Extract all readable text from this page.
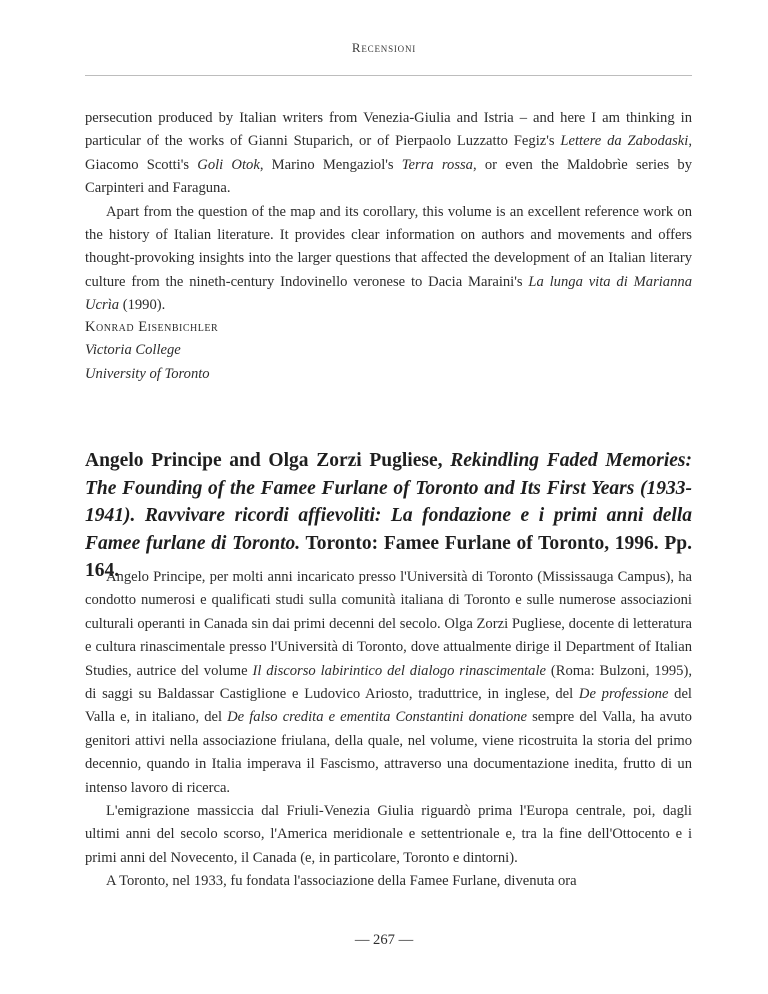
Recensioni

persecution produced by Italian writers from Venezia-Giulia and Istria – and here I am thinking in particular of the works of Gianni Stuparich, or of Pierpaolo Luzzatto Fegiz's Lettere da Zabodaski, Giacomo Scotti's Goli Otok, Marino Mengaziol's Terra rossa, or even the Maldobrìe series by Carpinteri and Faraguna.

Apart from the question of the map and its corollary, this volume is an excellent reference work on the history of Italian literature. It provides clear information on authors and movements and offers thought-provoking insights into the larger questions that affected the development of an Italian literary culture from the nineth-century Indovinello veronese to Dacia Maraini's La lunga vita di Marianna Ucrìa (1990).

Konrad Eisenbichler
Victoria College
University of Toronto
Angelo Principe and Olga Zorzi Pugliese, Rekindling Faded Memories: The Founding of the Famee Furlane of Toronto and Its First Years (1933-1941). Ravvivare ricordi affievoliti: La fondazione e i primi anni della Famee furlane di Toronto. Toronto: Famee Furlane of Toronto, 1996. Pp. 164.

Angelo Principe, per molti anni incaricato presso l'Università di Toronto (Mississauga Campus), ha condotto numerosi e qualificati studi sulla comunità italiana di Toronto e sulle numerose associazioni culturali operanti in Canada sin dai primi decenni del secolo. Olga Zorzi Pugliese, docente di letteratura e cultura rinascimentale presso l'Università di Toronto, dove attualmente dirige il Department of Italian Studies, autrice del volume Il discorso labirintico del dialogo rinascimentale (Roma: Bulzoni, 1995), di saggi su Baldassar Castiglione e Ludovico Ariosto, traduttrice, in inglese, del De professione del Valla e, in italiano, del De falso credita e ementita Constantini donatione sempre del Valla, ha avuto genitori attivi nella associazione friulana, della quale, nel volume, viene ricostruita la storia del primo decennio, quando in Italia imperava il Fascismo, attraverso una documentazione inedita, frutto di un intenso lavoro di ricerca.

L'emigrazione massiccia dal Friuli-Venezia Giulia riguardò prima l'Europa centrale, poi, dagli ultimi anni del secolo scorso, l'America meridionale e settentrionale e, tra la fine dell'Ottocento e i primi anni del Novecento, il Canada (e, in particolare, Toronto e dintorni).

A Toronto, nel 1933, fu fondata l'associazione della Famee Furlane, divenuta ora

— 267 —
